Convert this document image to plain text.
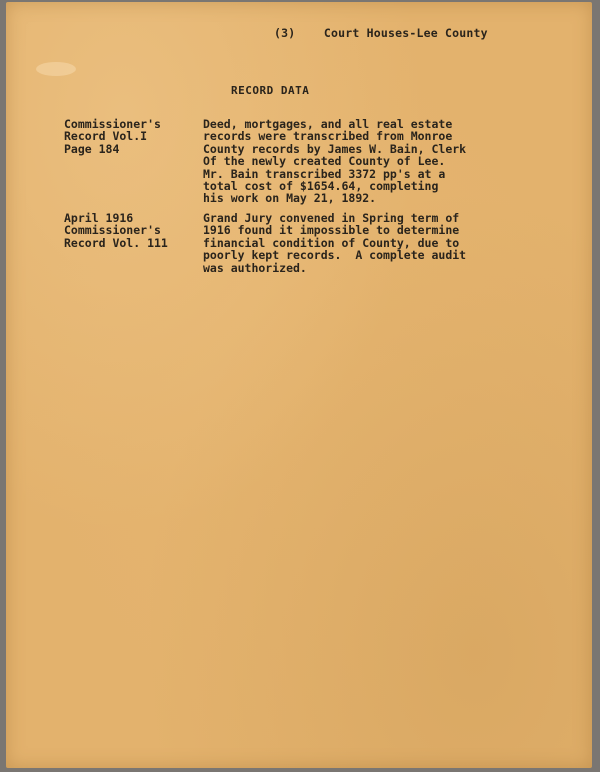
(3) Court Houses-Lee County
RECORD DATA
Commissioner's
Record Vol.I
Page 184
Deed, mortgages, and all real estate
records were transcribed from Monroe
County records by James W. Bain, Clerk
Of the newly created County of Lee.
Mr. Bain transcribed 3372 pp's at a
total cost of $1654.64, completing
his work on May 21, 1892.
April 1916
Commissioner's
Record Vol. 111
Grand Jury convened in Spring term of
1916 found it impossible to determine
financial condition of County, due to
poorly kept records.  A complete audit
was authorized.
